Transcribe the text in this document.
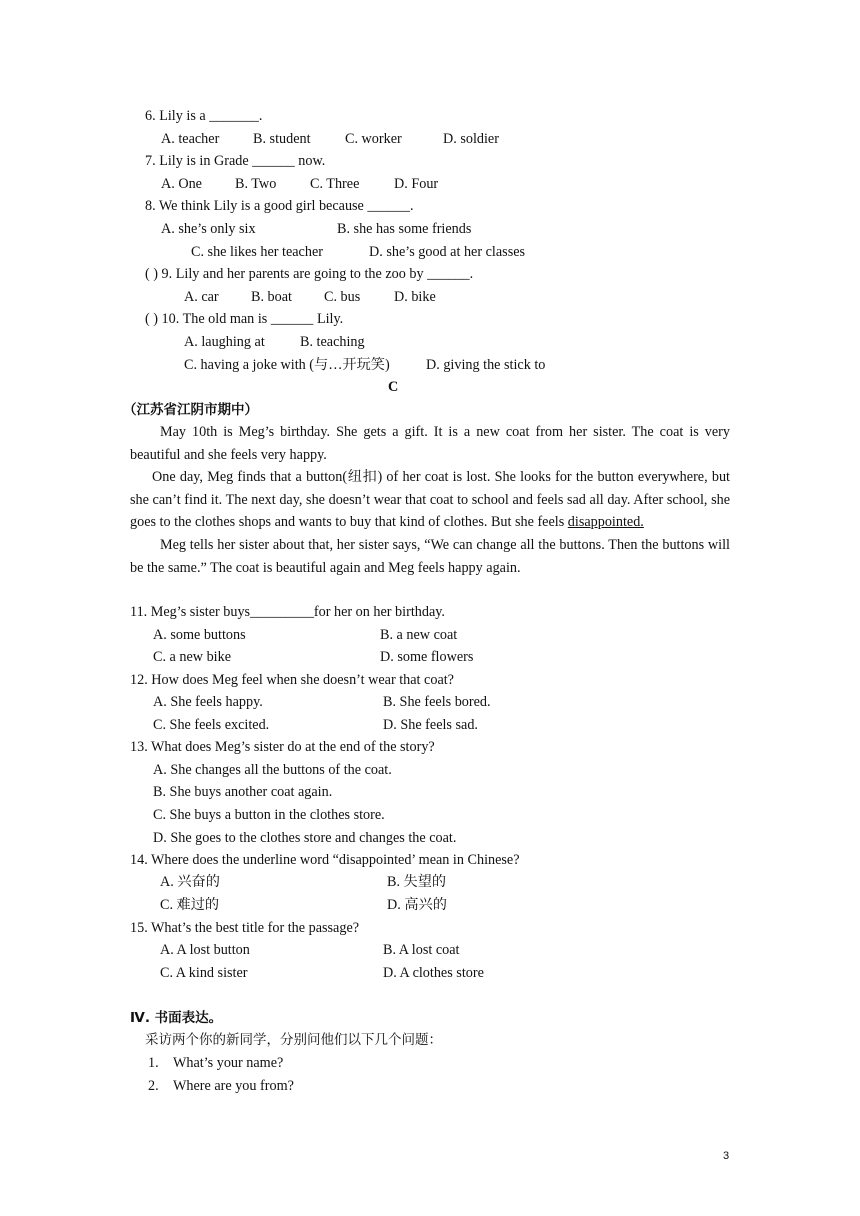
6. Lily is a _______.
A. teacher B. student C. worker	D. soldier
7. Lily is in Grade ______ now.
A. One B. Two C. Three D. Four
8. We think Lily is a good girl because ______.
A. she’s only six	B. she has some friends
C. she likes her teacher	D. she’s good at her classes
( ) 9. Lily and her parents are going to the zoo by ______.
A. car B. boat C. bus D. bike
( ) 10. The old man is ______ Lily.
A. laughing at B. teaching
C. having a joke with (与…开玩笑)	D. giving the stick to
C
（江苏省江阴市期中）

May 10th is Meg’s birthday. She gets a gift. It is a new coat from her sister. The coat is very beautiful and she feels very happy.

One day, Meg finds that a button(纽扣) of her coat is lost. She looks for the button everywhere, but she can’t find it. The next day, she doesn’t wear that coat to school and feels sad all day. After school, she goes to the clothes shops and wants to buy that kind of clothes. But she feels disappointed.

Meg tells her sister about that, her sister says, “We can change all the buttons. Then the buttons will be the same.” The coat is beautiful again and Meg feels happy again.

11. Meg’s sister buys_________for her on her birthday.
A. some buttons	B. a new coat
C. a new bike	D. some flowers
12. How does Meg feel when she doesn’t wear that coat?
A. She feels happy.	B. She feels bored.
C. She feels excited.	D. She feels sad.
13. What does Meg’s sister do at the end of the story?
A. She changes all the buttons of the coat.
B. She buys another coat again.
C. She buys a button in the clothes store.
D. She goes to the clothes store and changes the coat.
14. Where does the underline word “disappointed’ mean in Chinese?
A. 兴奋的	B. 失望的
C. 难过的	D. 高兴的
15. What’s the best title for the passage?
A. A lost button	B. A lost coat
C. A kind sister	D. A clothes store
Ⅳ. 书面表达。
采访两个你的新同学，分别问他们以下几个问题：
1. What’s your name?
2. Where are you from?
3
